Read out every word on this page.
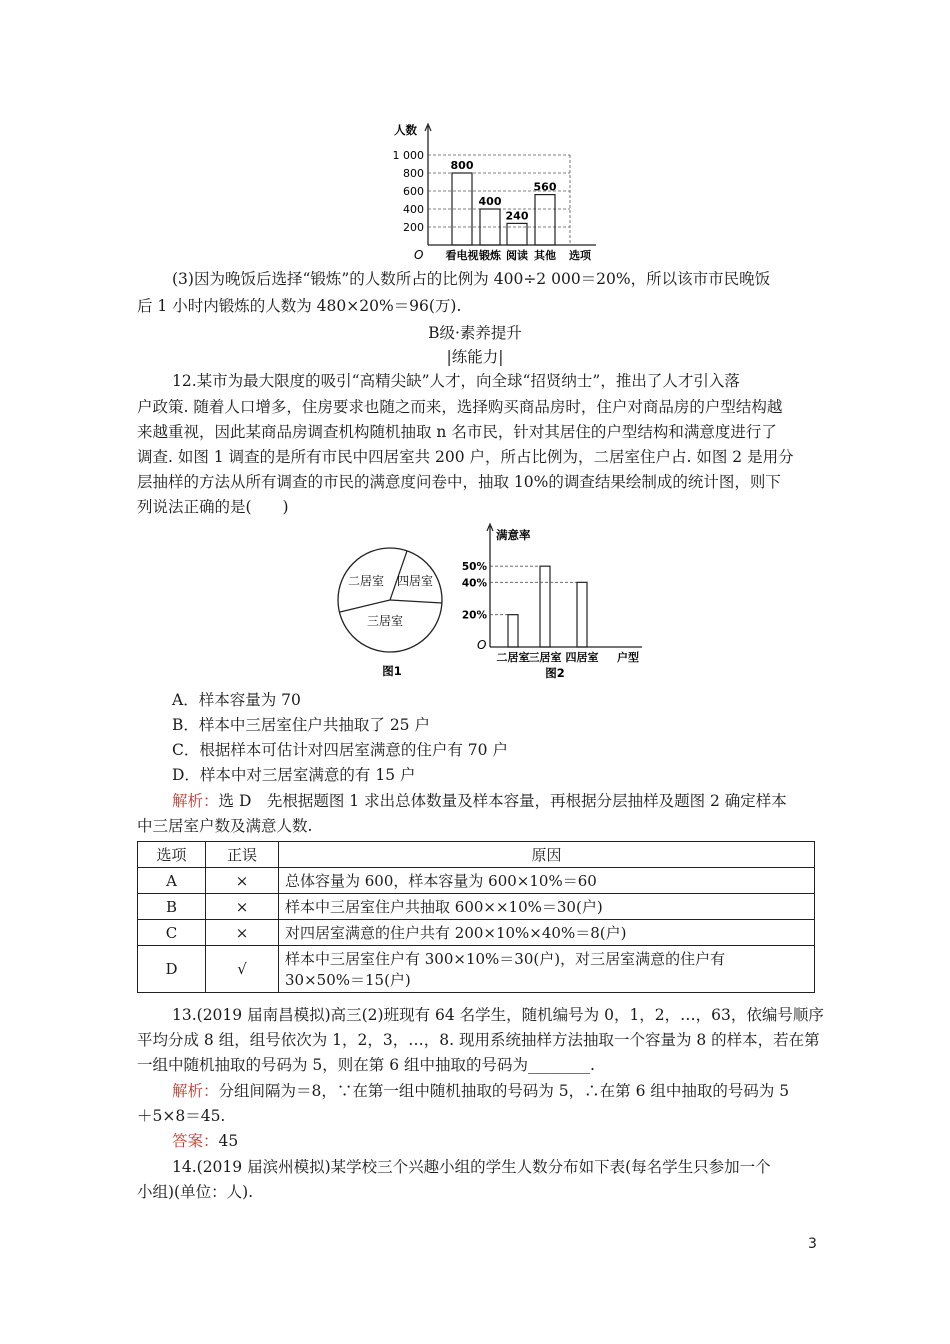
人数
O
1 000
800
600
400
200
800
看电视
400
锻炼
240
阅读
560
其他 选项
(3)因为晚饭后选择“锻炼”的人数所占的比例为 400÷2 000＝20%，所以该市市民晚饭
后 1 小时内锻炼的人数为 480×20%＝96(万).
B级·素养提升
|练能力|
12.某市为最大限度的吸引“高精尖缺”人才，向全球“招贤纳士”，推出了人才引入落
户政策. 随着人口增多，住房要求也随之而来，选择购买商品房时，住户对商品房的户型结构越
来越重视，因此某商品房调查机构随机抽取 n 名市民，针对其居住的户型结构和满意度进行了
调查. 如图 1 调查的是所有市民中四居室共 200 户，所占比例为，二居室住户占. 如图 2 是用分
层抽样的方法从所有调查的市民的满意度问卷中，抽取 10%的调查结果绘制成的统计图，则下
列说法正确的是(　　)
二居室 四居室
三居室
图1
满意率
O
二居室 三居室 四居室
50%
40%
20%
户型
图2
A．样本容量为 70
B．样本中三居室住户共抽取了 25 户
C．根据样本可估计对四居室满意的住户有 70 户
D．样本中对三居室满意的有 15 户
解析：选 D　先根据题图 1 求出总体数量及样本容量，再根据分层抽样及题图 2 确定样本
中三居室户数及满意人数.
选项	正误	原因
A	×	总体容量为 600，样本容量为 600×10%＝60
B	×	样本中三居室住户共抽取 600××10%＝30(户)
C	×	对四居室满意的住户共有 200×10%×40%＝8(户)
D	√	样本中三居室住户有 300×10%＝30(户)，对三居室满意的住户有
30×50%＝15(户)
13.(2019 届南昌模拟)高三(2)班现有 64 名学生，随机编号为 0，1，2，…，63，依编号顺序
平均分成 8 组，组号依次为 1，2，3，…，8. 现用系统抽样方法抽取一个容量为 8 的样本，若在第
一组中随机抽取的号码为 5，则在第 6 组中抽取的号码为________.
解析：分组间隔为＝8，∵在第一组中随机抽取的号码为 5，∴在第 6 组中抽取的号码为 5
＋5×8＝45.
答案：45
14.(2019 届滨州模拟)某学校三个兴趣小组的学生人数分布如下表(每名学生只参加一个
小组)(单位：人).
3
